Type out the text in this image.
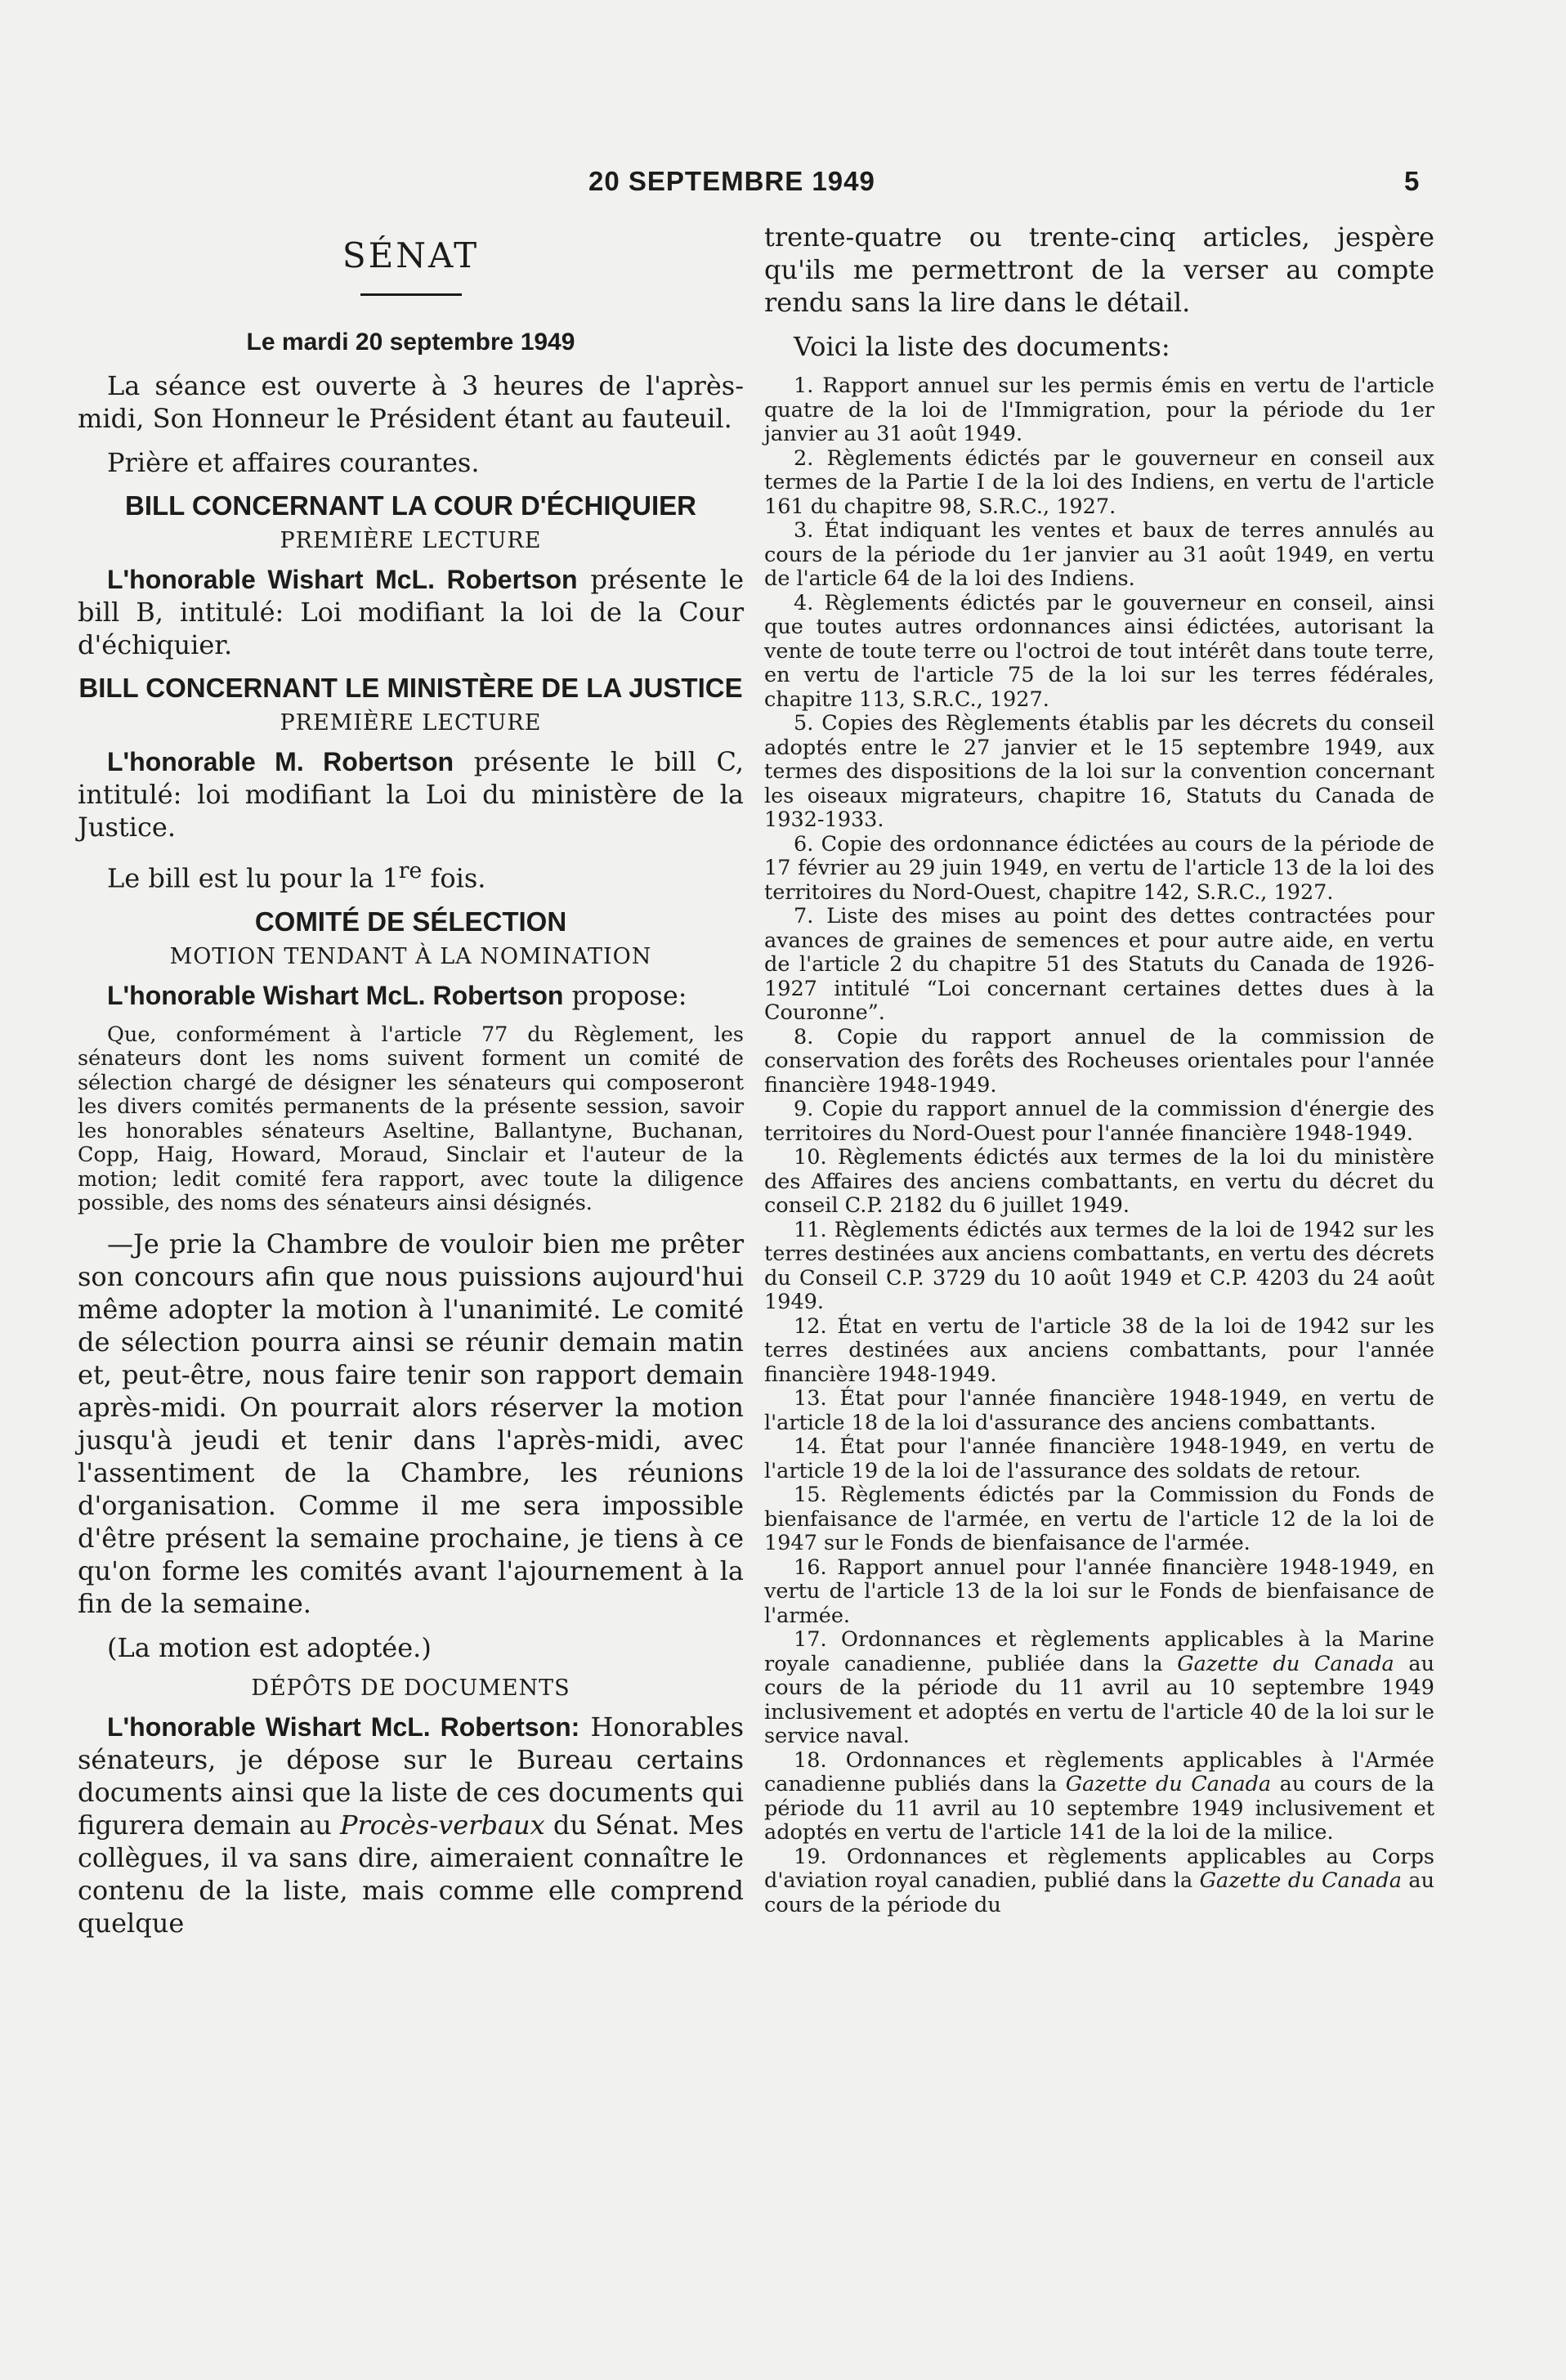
20 SEPTEMBRE 1949	5
SÉNAT
Le mardi 20 septembre 1949

La séance est ouverte à 3 heures de l'après-midi, Son Honneur le Président étant au fauteuil.

Prière et affaires courantes.

BILL CONCERNANT LA COUR D'ÉCHIQUIER
PREMIÈRE LECTURE

L'honorable Wishart McL. Robertson présente le bill B, intitulé: Loi modifiant la loi de la Cour d'échiquier.

BILL CONCERNANT LE MINISTÈRE DE LA JUSTICE
PREMIÈRE LECTURE

L'honorable M. Robertson présente le bill C, intitulé: loi modifiant la Loi du ministère de la Justice.

Le bill est lu pour la 1re fois.

COMITÉ DE SÉLECTION
MOTION TENDANT À LA NOMINATION

L'honorable Wishart McL. Robertson propose:

Que, conformément à l'article 77 du Règlement, les sénateurs dont les noms suivent forment un comité de sélection chargé de désigner les sénateurs qui composeront les divers comités permanents de la présente session, savoir les honorables sénateurs Aseltine, Ballantyne, Buchanan, Copp, Haig, Howard, Moraud, Sinclair et l'auteur de la motion; ledit comité fera rapport, avec toute la diligence possible, des noms des sénateurs ainsi désignés.

—Je prie la Chambre de vouloir bien me prêter son concours afin que nous puissions aujourd'hui même adopter la motion à l'unanimité. Le comité de sélection pourra ainsi se réunir demain matin et, peut-être, nous faire tenir son rapport demain après-midi. On pourrait alors réserver la motion jusqu'à jeudi et tenir dans l'après-midi, avec l'assentiment de la Chambre, les réunions d'organisation. Comme il me sera impossible d'être présent la semaine prochaine, je tiens à ce qu'on forme les comités avant l'ajournement à la fin de la semaine.

(La motion est adoptée.)

DÉPÔTS DE DOCUMENTS

L'honorable Wishart McL. Robertson: Honorables sénateurs, je dépose sur le Bureau certains documents ainsi que la liste de ces documents qui figurera demain au Procès-verbaux du Sénat. Mes collègues, il va sans dire, aimeraient connaître le contenu de la liste, mais comme elle comprend quelque

trente-quatre ou trente-cinq articles, jespère qu'ils me permettront de la verser au compte rendu sans la lire dans le détail.

Voici la liste des documents:

1. Rapport annuel sur les permis émis en vertu de l'article quatre de la loi de l'Immigration, pour la période du 1er janvier au 31 août 1949.

2. Règlements édictés par le gouverneur en conseil aux termes de la Partie I de la loi des Indiens, en vertu de l'article 161 du chapitre 98, S.R.C., 1927.

3. État indiquant les ventes et baux de terres annulés au cours de la période du 1er janvier au 31 août 1949, en vertu de l'article 64 de la loi des Indiens.

4. Règlements édictés par le gouverneur en conseil, ainsi que toutes autres ordonnances ainsi édictées, autorisant la vente de toute terre ou l'octroi de tout intérêt dans toute terre, en vertu de l'article 75 de la loi sur les terres fédérales, chapitre 113, S.R.C., 1927.

5. Copies des Règlements établis par les décrets du conseil adoptés entre le 27 janvier et le 15 septembre 1949, aux termes des dispositions de la loi sur la convention concernant les oiseaux migrateurs, chapitre 16, Statuts du Canada de 1932-1933.

6. Copie des ordonnance édictées au cours de la période de 17 février au 29 juin 1949, en vertu de l'article 13 de la loi des territoires du Nord-Ouest, chapitre 142, S.R.C., 1927.

7. Liste des mises au point des dettes contractées pour avances de graines de semences et pour autre aide, en vertu de l'article 2 du chapitre 51 des Statuts du Canada de 1926-1927 intitulé “Loi concernant certaines dettes dues à la Couronne”.

8. Copie du rapport annuel de la commission de conservation des forêts des Rocheuses orientales pour l'année financière 1948-1949.

9. Copie du rapport annuel de la commission d'énergie des territoires du Nord-Ouest pour l'année financière 1948-1949.

10. Règlements édictés aux termes de la loi du ministère des Affaires des anciens combattants, en vertu du décret du conseil C.P. 2182 du 6 juillet 1949.

11. Règlements édictés aux termes de la loi de 1942 sur les terres destinées aux anciens combattants, en vertu des décrets du Conseil C.P. 3729 du 10 août 1949 et C.P. 4203 du 24 août 1949.

12. État en vertu de l'article 38 de la loi de 1942 sur les terres destinées aux anciens combattants, pour l'année financière 1948-1949.

13. État pour l'année financière 1948-1949, en vertu de l'article 18 de la loi d'assurance des anciens combattants.

14. État pour l'année financière 1948-1949, en vertu de l'article 19 de la loi de l'assurance des soldats de retour.

15. Règlements édictés par la Commission du Fonds de bienfaisance de l'armée, en vertu de l'article 12 de la loi de 1947 sur le Fonds de bienfaisance de l'armée.

16. Rapport annuel pour l'année financière 1948-1949, en vertu de l'article 13 de la loi sur le Fonds de bienfaisance de l'armée.

17. Ordonnances et règlements applicables à la Marine royale canadienne, publiée dans la Gazette du Canada au cours de la période du 11 avril au 10 septembre 1949 inclusivement et adoptés en vertu de l'article 40 de la loi sur le service naval.

18. Ordonnances et règlements applicables à l'Armée canadienne publiés dans la Gazette du Canada au cours de la période du 11 avril au 10 septembre 1949 inclusivement et adoptés en vertu de l'article 141 de la loi de la milice.

19. Ordonnances et règlements applicables au Corps d'aviation royal canadien, publié dans la Gazette du Canada au cours de la période du
